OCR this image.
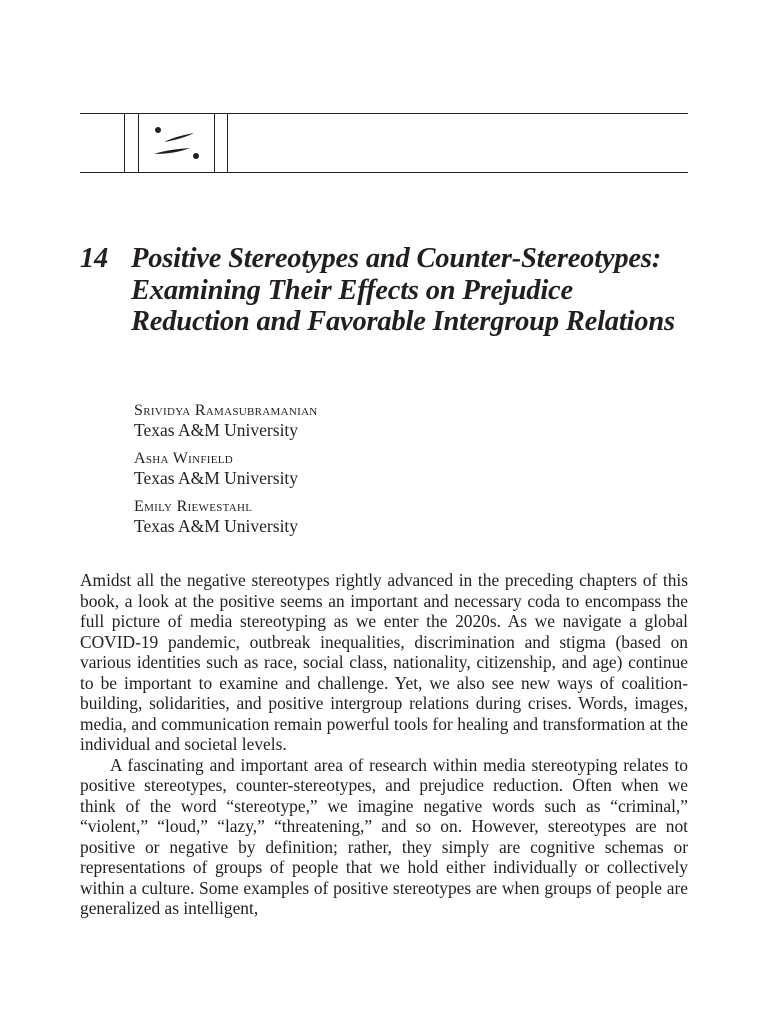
14 Positive Stereotypes and Counter-Stereotypes: Examining Their Effects on Prejudice Reduction and Favorable Intergroup Relations
Srividya Ramasubramanian
Texas A&M University
Asha Winfield
Texas A&M University
Emily Riewestahl
Texas A&M University

Amidst all the negative stereotypes rightly advanced in the preceding chapters of this book, a look at the positive seems an important and necessary coda to encompass the full picture of media stereotyping as we enter the 2020s. As we navigate a global COVID-19 pandemic, outbreak inequalities, discrimination and stigma (based on various identities such as race, social class, nationality, citizenship, and age) continue to be important to examine and challenge. Yet, we also see new ways of coalition-building, solidarities, and positive intergroup relations during crises. Words, images, media, and communication remain powerful tools for healing and transformation at the individual and societal levels.

A fascinating and important area of research within media stereotyping relates to positive stereotypes, counter-stereotypes, and prejudice reduction. Often when we think of the word “stereotype,” we imagine negative words such as “criminal,” “violent,” “loud,” “lazy,” “threatening,” and so on. However, stereotypes are not positive or negative by definition; rather, they simply are cognitive schemas or representations of groups of people that we hold either individually or collectively within a culture. Some examples of positive stereotypes are when groups of people are generalized as intelligent,
